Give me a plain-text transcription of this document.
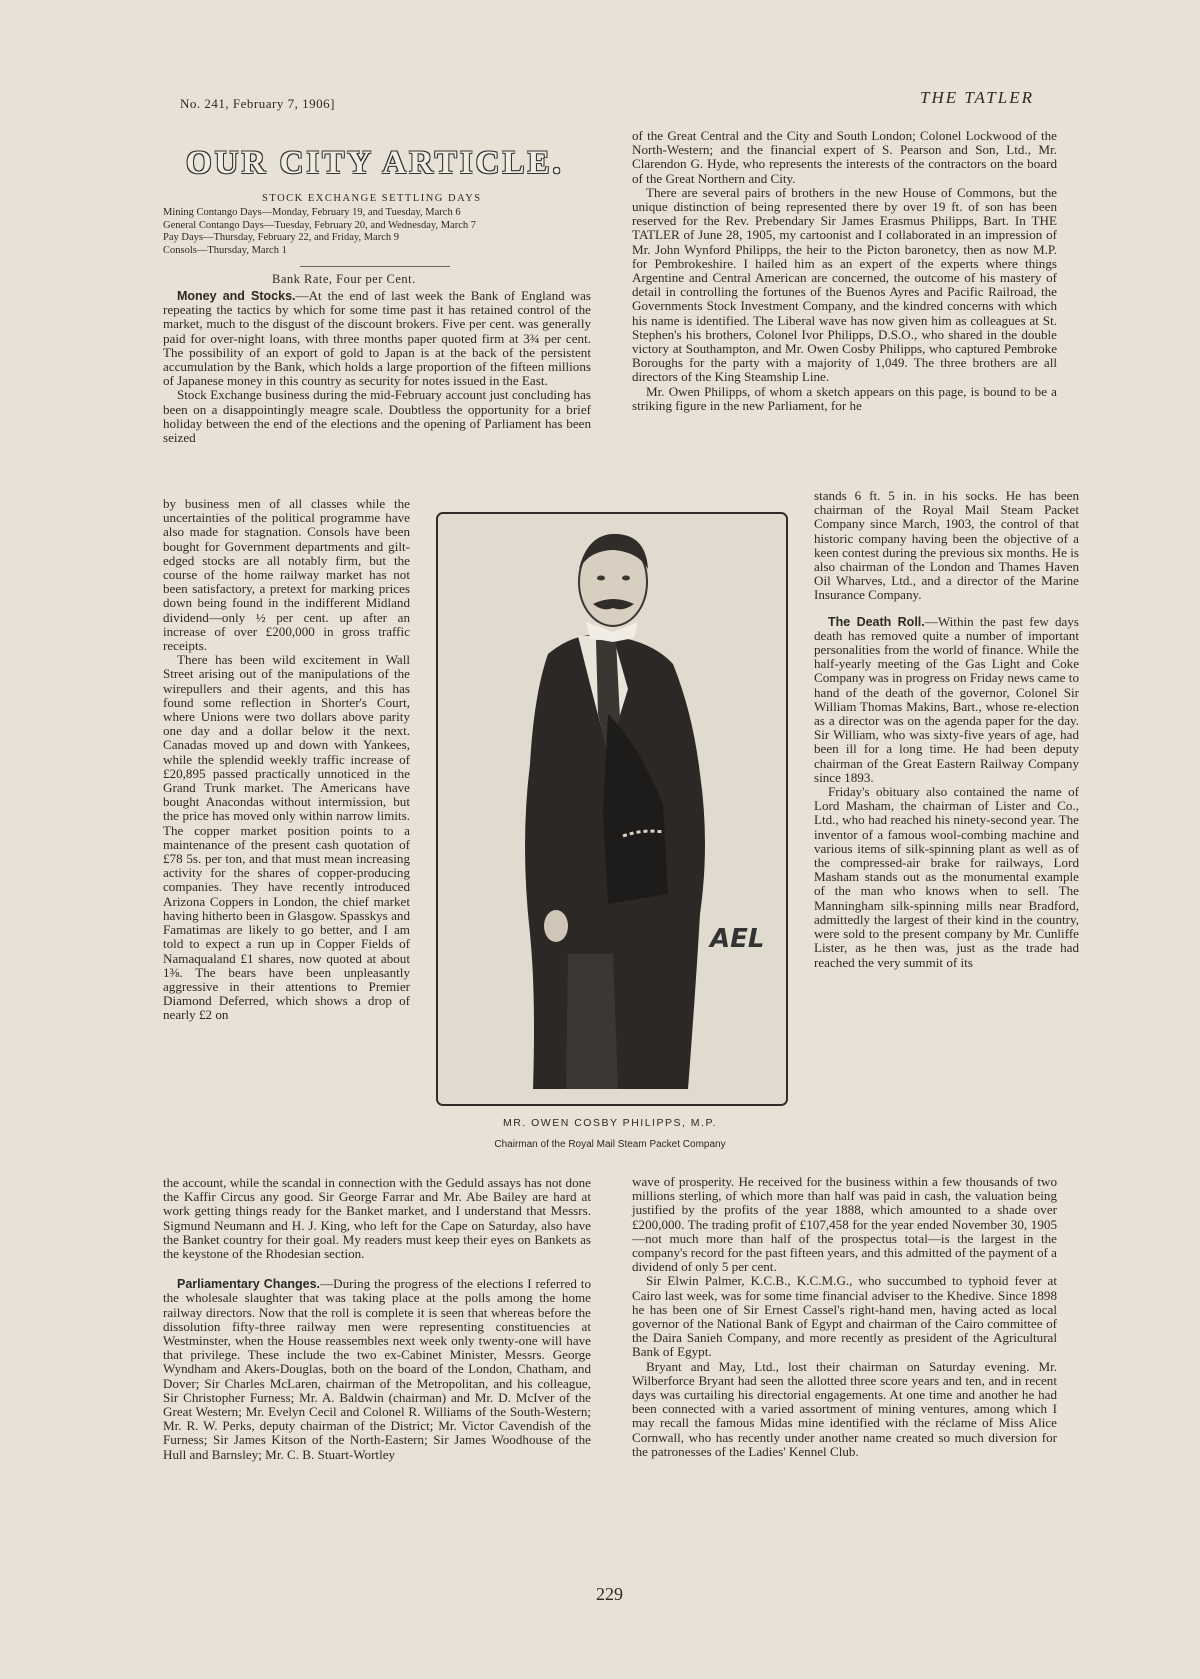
No. 241, February 7, 1906]	THE TATLER
OUR CITY ARTICLE.
STOCK EXCHANGE SETTLING DAYS
Mining Contango Days—Monday, February 19, and Tuesday, March 6
General Contango Days—Tuesday, February 20, and Wednesday, March 7
Pay Days—Thursday, February 22, and Friday, March 9
Consols—Thursday, March 1
Bank Rate, Four per Cent.

Money and Stocks.—At the end of last week the Bank of England was repeating the tactics by which for some time past it has retained control of the market, much to the disgust of the discount brokers. Five per cent. was generally paid for over-night loans, with three months paper quoted firm at 3¾ per cent. The possibility of an export of gold to Japan is at the back of the persistent accumulation by the Bank, which holds a large proportion of the fifteen millions of Japanese money in this country as security for notes issued in the East.

Stock Exchange business during the mid-February account just concluding has been on a disappointingly meagre scale. Doubtless the opportunity for a brief holiday between the end of the elections and the opening of Parliament has been seized

by business men of all classes while the uncertainties of the political programme have also made for stagnation. Consols have been bought for Government departments and gilt-edged stocks are all notably firm, but the course of the home railway market has not been satisfactory, a pretext for marking prices down being found in the indifferent Midland dividend—only ½ per cent. up after an increase of over £200,000 in gross traffic receipts.

There has been wild excitement in Wall Street arising out of the manipulations of the wirepullers and their agents, and this has found some reflection in Shorter's Court, where Unions were two dollars above parity one day and a dollar below it the next. Canadas moved up and down with Yankees, while the splendid weekly traffic increase of £20,895 passed practically unnoticed in the Grand Trunk market. The Americans have bought Anacondas without intermission, but the price has moved only within narrow limits. The copper market position points to a maintenance of the present cash quotation of £78 5s. per ton, and that must mean increasing activity for the shares of copper-producing companies. They have recently introduced Arizona Coppers in London, the chief market having hitherto been in Glasgow. Spasskys and Famatimas are likely to go better, and I am told to expect a run up in Copper Fields of Namaqualand £1 shares, now quoted at about 1⅜. The bears have been unpleasantly aggressive in their attentions to Premier Diamond Deferred, which shows a drop of nearly £2 on

the account, while the scandal in connection with the Geduld assays has not done the Kaffir Circus any good. Sir George Farrar and Mr. Abe Bailey are hard at work getting things ready for the Banket market, and I understand that Messrs. Sigmund Neumann and H. J. King, who left for the Cape on Saturday, also have the Banket country for their goal. My readers must keep their eyes on Bankets as the keystone of the Rhodesian section.

Parliamentary Changes.—During the progress of the elections I referred to the wholesale slaughter that was taking place at the polls among the home railway directors. Now that the roll is complete it is seen that whereas before the dissolution fifty-three railway men were representing constituencies at Westminster, when the House reassembles next week only twenty-one will have that privilege. These include the two ex-Cabinet Minister, Messrs. George Wyndham and Akers-Douglas, both on the board of the London, Chatham, and Dover; Sir Charles McLaren, chairman of the Metropolitan, and his colleague, Sir Christopher Furness; Mr. A. Baldwin (chairman) and Mr. D. McIver of the Great Western; Mr. Evelyn Cecil and Colonel R. Williams of the South-Western; Mr. R. W. Perks, deputy chairman of the District; Mr. Victor Cavendish of the Furness; Sir James Kitson of the North-Eastern; Sir James Woodhouse of the Hull and Barnsley; Mr. C. B. Stuart-Wortley

of the Great Central and the City and South London; Colonel Lockwood of the North-Western; and the financial expert of S. Pearson and Son, Ltd., Mr. Clarendon G. Hyde, who represents the interests of the contractors on the board of the Great Northern and City.

There are several pairs of brothers in the new House of Commons, but the unique distinction of being represented there by over 19 ft. of son has been reserved for the Rev. Prebendary Sir James Erasmus Philipps, Bart. In THE TATLER of June 28, 1905, my cartoonist and I collaborated in an impression of Mr. John Wynford Philipps, the heir to the Picton baronetcy, then as now M.P. for Pembrokeshire. I hailed him as an expert of the experts where things Argentine and Central American are concerned, the outcome of his mastery of detail in controlling the fortunes of the Buenos Ayres and Pacific Railroad, the Governments Stock Investment Company, and the kindred concerns with which his name is identified. The Liberal wave has now given him as colleagues at St. Stephen's his brothers, Colonel Ivor Philipps, D.S.O., who shared in the double victory at Southampton, and Mr. Owen Cosby Philipps, who captured Pembroke Boroughs for the party with a majority of 1,049. The three brothers are all directors of the King Steamship Line.

Mr. Owen Philipps, of whom a sketch appears on this page, is bound to be a striking figure in the new Parliament, for he

stands 6 ft. 5 in. in his socks. He has been chairman of the Royal Mail Steam Packet Company since March, 1903, the control of that historic company having been the objective of a keen contest during the previous six months. He is also chairman of the London and Thames Haven Oil Wharves, Ltd., and a director of the Marine Insurance Company.

The Death Roll.—Within the past few days death has removed quite a number of important personalities from the world of finance. While the half-yearly meeting of the Gas Light and Coke Company was in progress on Friday news came to hand of the death of the governor, Colonel Sir William Thomas Makins, Bart., whose re-election as a director was on the agenda paper for the day. Sir William, who was sixty-five years of age, had been ill for a long time. He had been deputy chairman of the Great Eastern Railway Company since 1893.

Friday's obituary also contained the name of Lord Masham, the chairman of Lister and Co., Ltd., who had reached his ninety-second year. The inventor of a famous wool-combing machine and various items of silk-spinning plant as well as of the compressed-air brake for railways, Lord Masham stands out as the monumental example of the man who knows when to sell. The Manningham silk-spinning mills near Bradford, admittedly the largest of their kind in the country, were sold to the present company by Mr. Cunliffe Lister, as he then was, just as the trade had reached the very summit of its

wave of prosperity. He received for the business within a few thousands of two millions sterling, of which more than half was paid in cash, the valuation being justified by the profits of the year 1888, which amounted to a shade over £200,000. The trading profit of £107,458 for the year ended November 30, 1905—not much more than half of the prospectus total—is the largest in the company's record for the past fifteen years, and this admitted of the payment of a dividend of only 5 per cent.

Sir Elwin Palmer, K.C.B., K.C.M.G., who succumbed to typhoid fever at Cairo last week, was for some time financial adviser to the Khedive. Since 1898 he has been one of Sir Ernest Cassel's right-hand men, having acted as local governor of the National Bank of Egypt and chairman of the Cairo committee of the Daira Sanieh Company, and more recently as president of the Agricultural Bank of Egypt.

Bryant and May, Ltd., lost their chairman on Saturday evening. Mr. Wilberforce Bryant had seen the allotted three score years and ten, and in recent days was curtailing his directorial engagements. At one time and another he had been connected with a varied assortment of mining ventures, among which I may recall the famous Midas mine identified with the réclame of Miss Alice Cornwall, who has recently under another name created so much diversion for the patronesses of the Ladies' Kennel Club.

AEL
MR. OWEN COSBY PHILIPPS, M.P.
Chairman of the Royal Mail Steam Packet Company
229
